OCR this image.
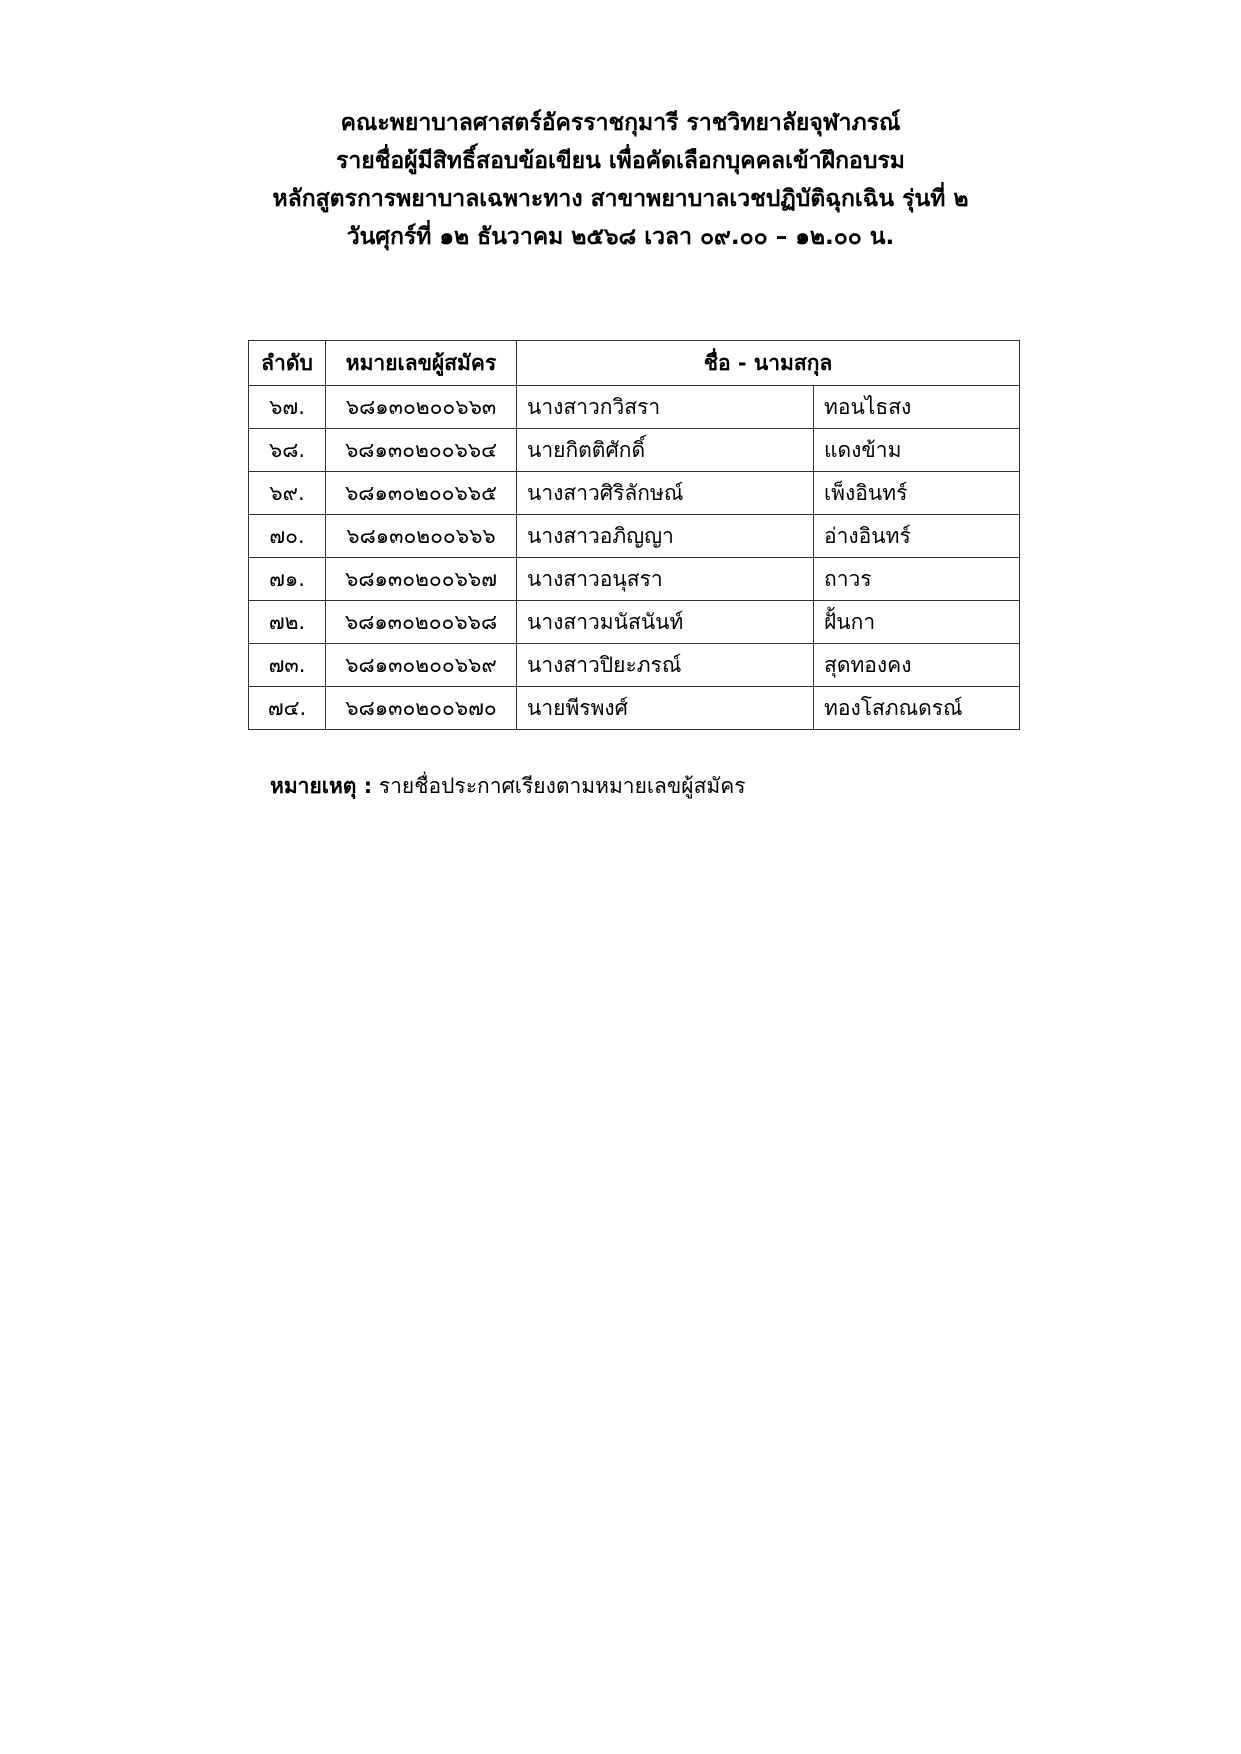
คณะพยาบาลศาสตร์อัครราชกุมารี ราชวิทยาลัยจุฬาภรณ์
รายชื่อผู้มีสิทธิ์สอบข้อเขียน เพื่อคัดเลือกบุคคลเข้าฝึกอบรม
หลักสูตรการพยาบาลเฉพาะทาง สาขาพยาบาลเวชปฏิบัติฉุกเฉิน รุ่นที่ ๒
วันศุกร์ที่ ๑๒ ธันวาคม ๒๕๖๘ เวลา ๐๙.๐๐ – ๑๒.๐๐ น.
ลำดับ	หมายเลขผู้สมัคร	ชื่อ - นามสกุล	
๖๗.	๖๘๑๓๐๒๐๐๖๖๓	นางสาวกวิสรา	ทอนไธสง
๖๘.	๖๘๑๓๐๒๐๐๖๖๔	นายกิตติศักดิ์	แดงข้าม
๖๙.	๖๘๑๓๐๒๐๐๖๖๕	นางสาวศิริลักษณ์	เพ็งอินทร์
๗๐.	๖๘๑๓๐๒๐๐๖๖๖	นางสาวอภิญญา	อ่างอินทร์
๗๑.	๖๘๑๓๐๒๐๐๖๖๗	นางสาวอนุสรา	ถาวร
๗๒.	๖๘๑๓๐๒๐๐๖๖๘	นางสาวมนัสนันท์	ฝั้นกา
๗๓.	๖๘๑๓๐๒๐๐๖๖๙	นางสาวปิยะภรณ์	สุดทองคง
๗๔.	๖๘๑๓๐๒๐๐๖๗๐	นายพีรพงศ์	ทองโสภณดรณ์
หมายเหตุ : รายชื่อประกาศเรียงตามหมายเลขผู้สมัคร
